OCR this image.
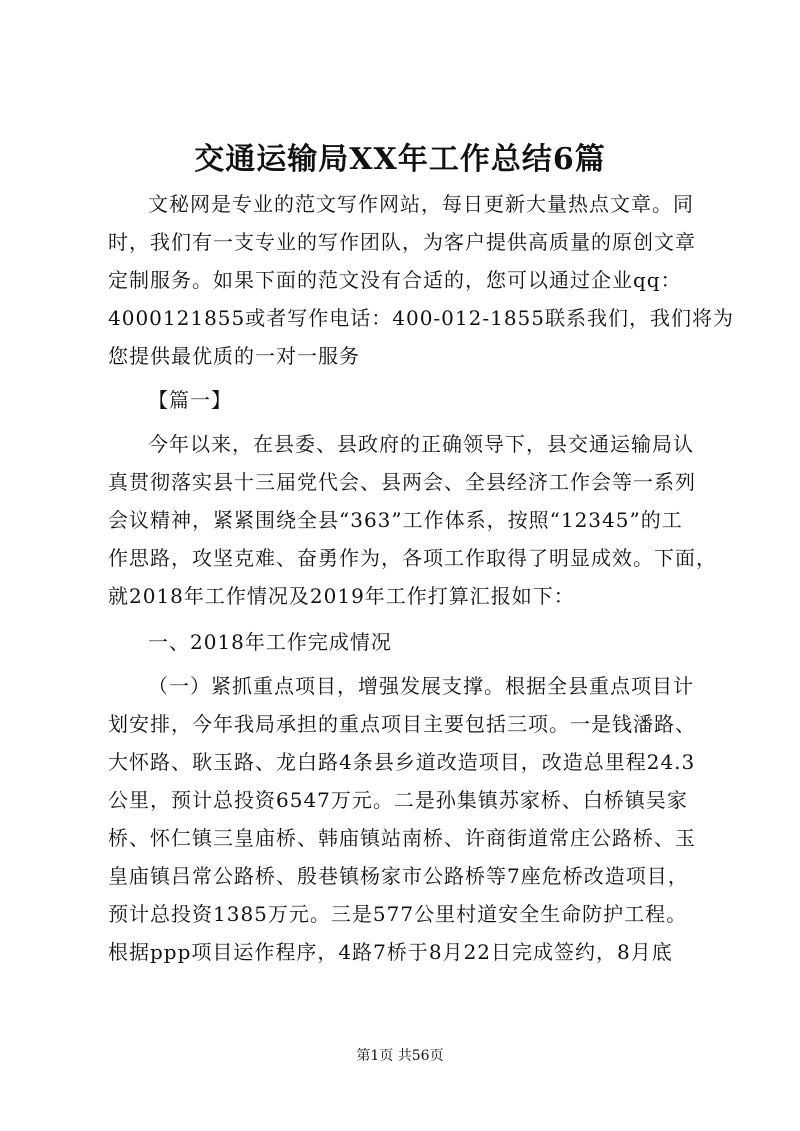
交通运输局XX年工作总结6篇
文秘网是专业的范文写作网站，每日更新大量热点文章。同
时，我们有一支专业的写作团队，为客户提供高质量的原创文章
定制服务。如果下面的范文没有合适的，您可以通过企业qq：
4000121855或者写作电话：400-012-1855联系我们，我们将为
您提供最优质的一对一服务
【篇一】
今年以来，在县委、县政府的正确领导下，县交通运输局认
真贯彻落实县十三届党代会、县两会、全县经济工作会等一系列
会议精神，紧紧围绕全县“363”工作体系，按照“12345”的工
作思路，攻坚克难、奋勇作为，各项工作取得了明显成效。下面，
就2018年工作情况及2019年工作打算汇报如下：
一、2018年工作完成情况
（一）紧抓重点项目，增强发展支撑。根据全县重点项目计
划安排，今年我局承担的重点项目主要包括三项。一是钱潘路、
大怀路、耿玉路、龙白路4条县乡道改造项目，改造总里程24.3
公里，预计总投资6547万元。二是孙集镇苏家桥、白桥镇吴家
桥、怀仁镇三皇庙桥、韩庙镇站南桥、许商街道常庄公路桥、玉
皇庙镇吕常公路桥、殷巷镇杨家市公路桥等7座危桥改造项目，
预计总投资1385万元。三是577公里村道安全生命防护工程。
根据ppp项目运作程序，4路7桥于8月22日完成签约，8月底
第1页 共56页
